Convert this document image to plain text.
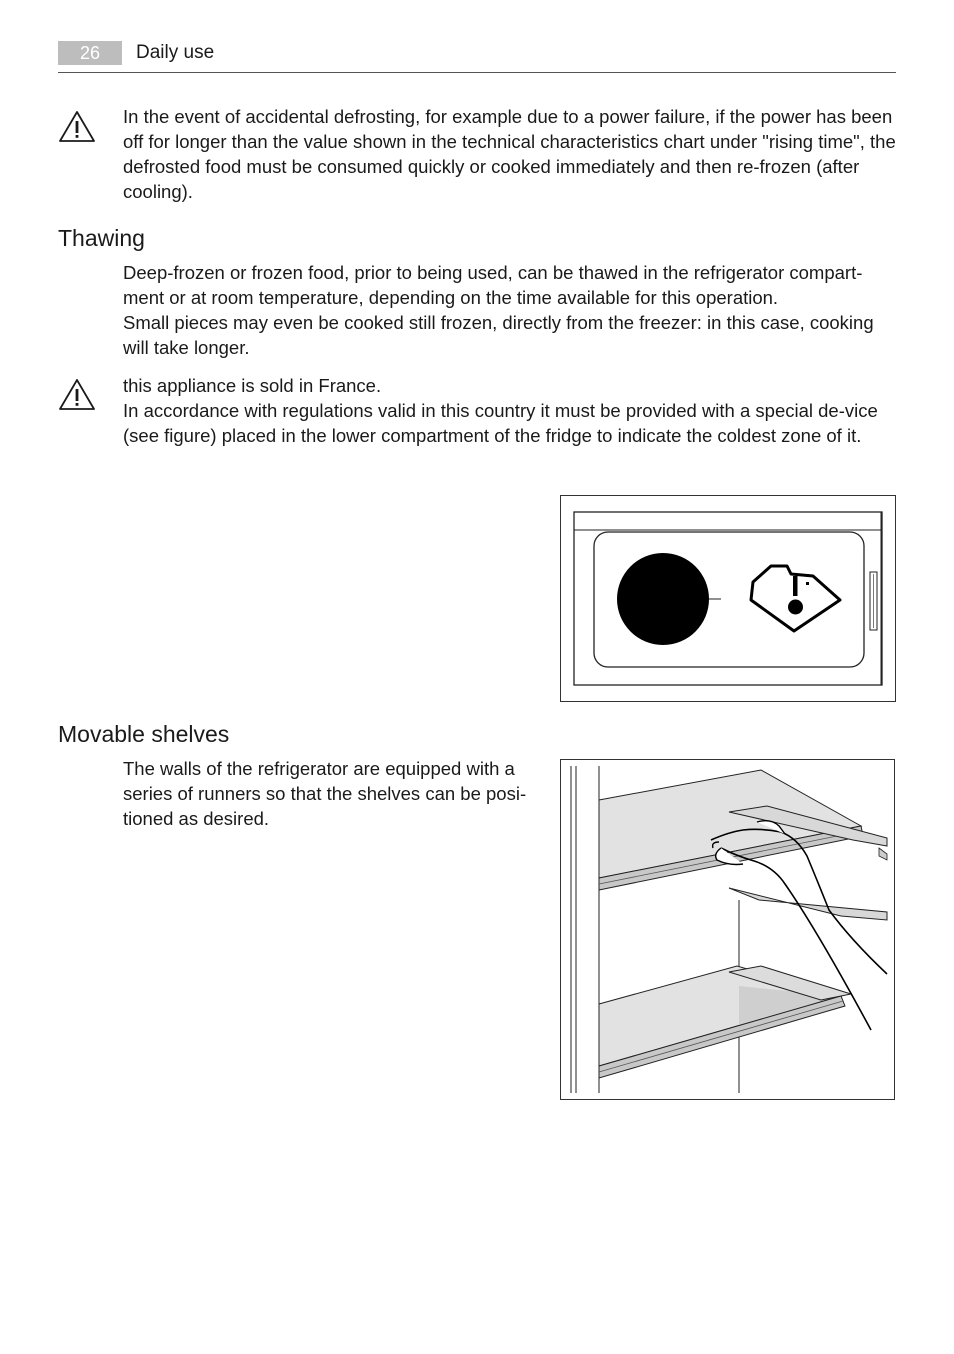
26	Daily use

In the event of accidental defrosting, for example due to a power failure, if the power has been off for longer than the value shown in the technical characteristics chart under "rising time", the defrosted food must be consumed quickly or cooked immediately and then re-frozen (after cooling).

Thawing

Deep-frozen or frozen food, prior to being used, can be thawed in the refrigerator compart-ment or at room temperature, depending on the time available for this operation.

Small pieces may even be cooked still frozen, directly from the freezer: in this case, cooking will take longer.

this appliance is sold in France.

In accordance with regulations valid in this country it must be provided with a special de-vice (see figure) placed in the lower compartment of the fridge to indicate the coldest zone of it.

Movable shelves

The walls of the refrigerator are equipped with a series of runners so that the shelves can be posi-tioned as desired.
